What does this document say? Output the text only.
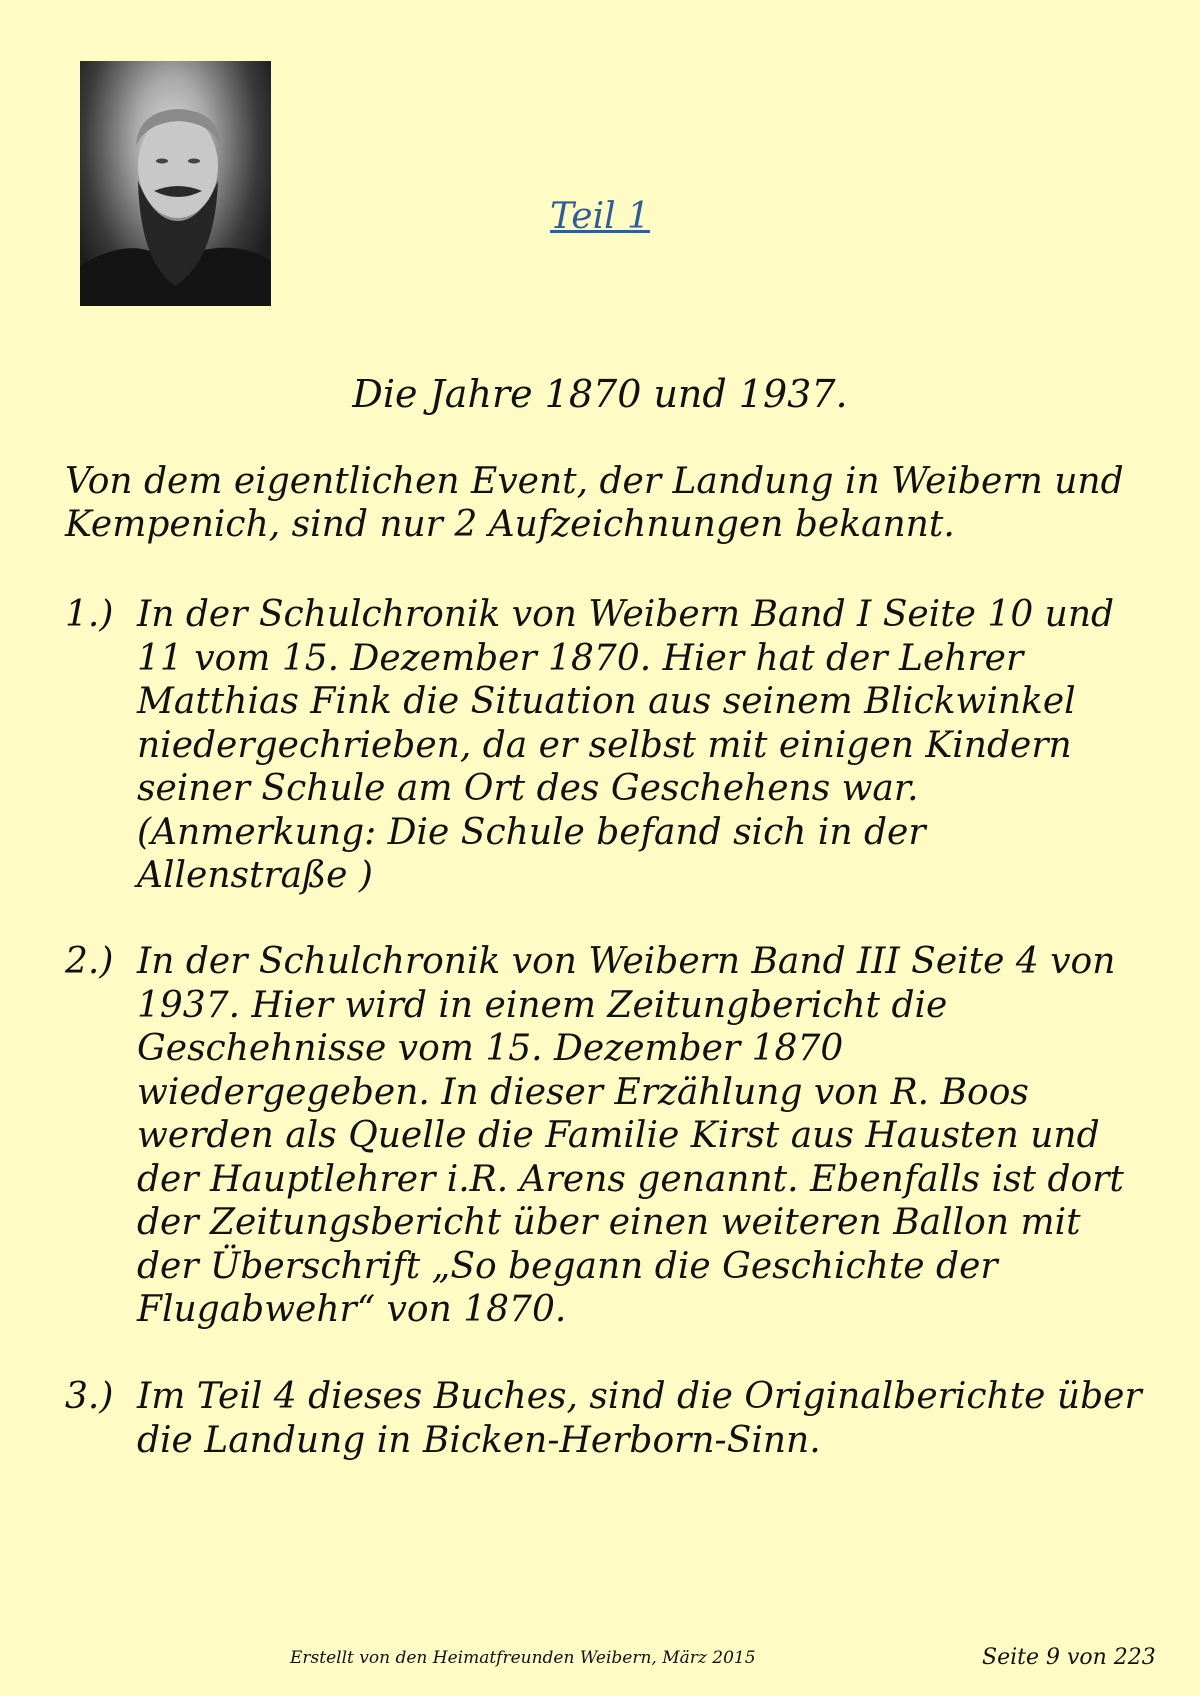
Teil 1
Die Jahre 1870 und 1937.
Von dem eigentlichen Event, der Landung in Weibern und Kempenich, sind nur 2 Aufzeichnungen bekannt.
1.) In der Schulchronik von Weibern Band I Seite 10 und 11 vom 15. Dezember 1870. Hier hat der Lehrer Matthias Fink die Situation aus seinem Blickwinkel niedergechrieben, da er selbst mit einigen Kindern seiner Schule am Ort des Geschehens war. (Anmerkung: Die Schule befand sich in der Allenstraße )
2.) In der Schulchronik von Weibern Band III Seite 4 von 1937. Hier wird in einem Zeitungbericht die Geschehnisse vom 15. Dezember 1870 wiedergegeben. In dieser Erzählung von R. Boos werden als Quelle die Familie Kirst aus Hausten und der Hauptlehrer i.R. Arens genannt. Ebenfalls ist dort der Zeitungsbericht über einen weiteren Ballon mit der Überschrift „So begann die Geschichte der Flugabwehr“ von 1870.
3.) Im Teil 4 dieses Buches, sind die Originalberichte über die Landung in Bicken-Herborn-Sinn.
Erstellt von den Heimatfreunden Weibern, März 2015	Seite 9 von 223
